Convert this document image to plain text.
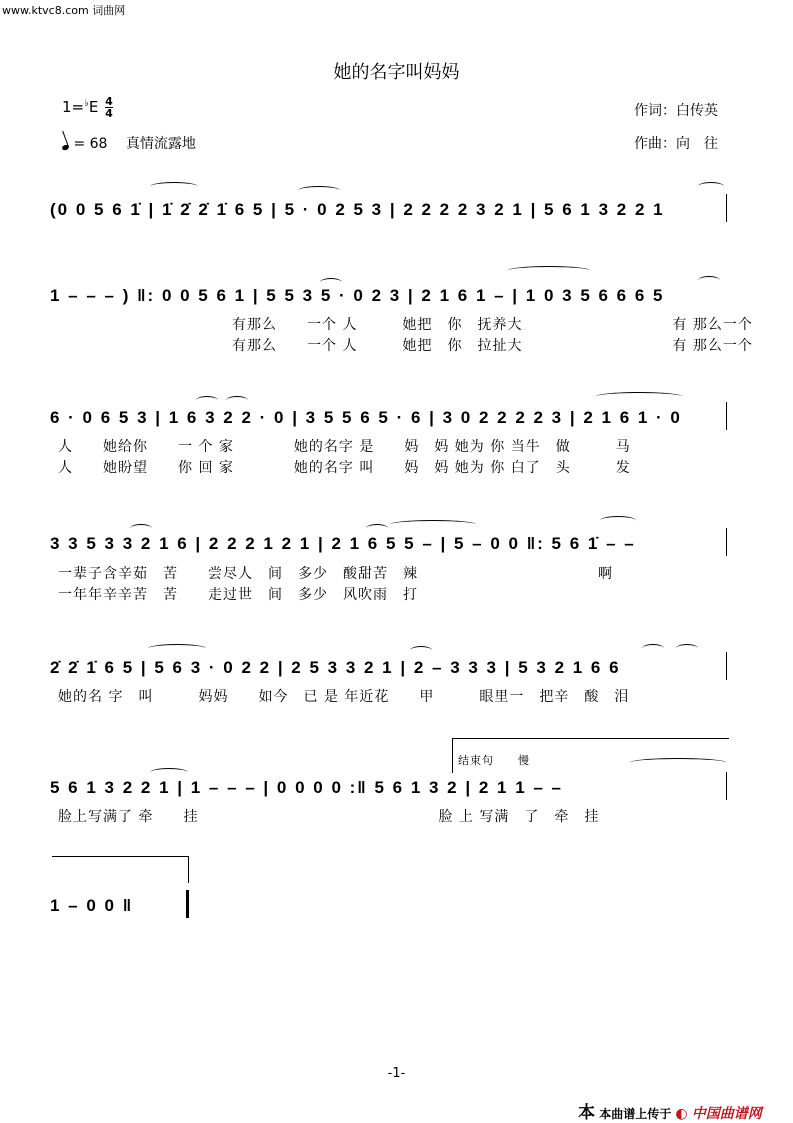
www.ktvc8.com 词曲网
她的名字叫妈妈
$1=^♭E \frac{4}{4}$
= 68 真情流露地
作词：白传英
作曲：向　往
(0 0 5 6 1̇ | 1̇ 2̇ 2̇ 1̇ 6 5 | 5 · 0 2 5 3 | 2 2 2 2 3 2 1 | 5 6 1 3 2 2 1
1 – – – ) ‖: 0 0 5 6 1 | 5 5 3 5 · 0 2 3 | 2 1 6 1 – | 1 0 3 5 6 6 6 5
有那么　　一个 人　　　她把　你　抚养大　　　　　　　　　　有 那么一个
有那么　　一个 人　　　她把　你　拉扯大　　　　　　　　　　有 那么一个
6 · 0 6 5 3 | 1 6 3 2 2 · 0 | 3 5 5 6 5 · 6 | 3 0 2 2 2 2 3 | 2 1 6 1 · 0
人　　她给你　　一 个 家　　　　她的名字 是　　妈　妈 她为 你 当牛　做　　　马
人　　她盼望　　你 回 家　　　　她的名字 叫　　妈　妈 她为 你 白了　头　　　发
3 3 5 3 3 2 1 6 | 2 2 2 1 2 1 | 2 1 6 5 5 – | 5 – 0 0 ‖: 5 6 1̇ – –
一辈子含辛茹　苦　　尝尽人　间　多少　酸甜苦　辣　　　　　　　　　　　　啊
一年年辛辛苦　苦　　走过世　间　多少　风吹雨　打
2̇ 2̇ 1̇ 6 5 | 5 6 3 · 0 2 2 | 2 5 3 3 2 1 | 2 – 3 3 3 | 5 3 2 1 6 6
她的名 字　叫　　　妈妈　　如今　已 是 年近花　　甲　　　眼里一　把辛　酸　泪
结束句　　慢
5 6 1 3 2 2 1 | 1 – – – | 0 0 0 0 :‖ 5 6 1 3 2 | 2 1 1 – –
脸上写满了 牵　　挂　　　　　　　　　　　　　　　　脸 上 写满　了　牵　挂
1 – 0 0 ‖
-1-
本 本曲谱上传于 ◐ 中国曲谱网
